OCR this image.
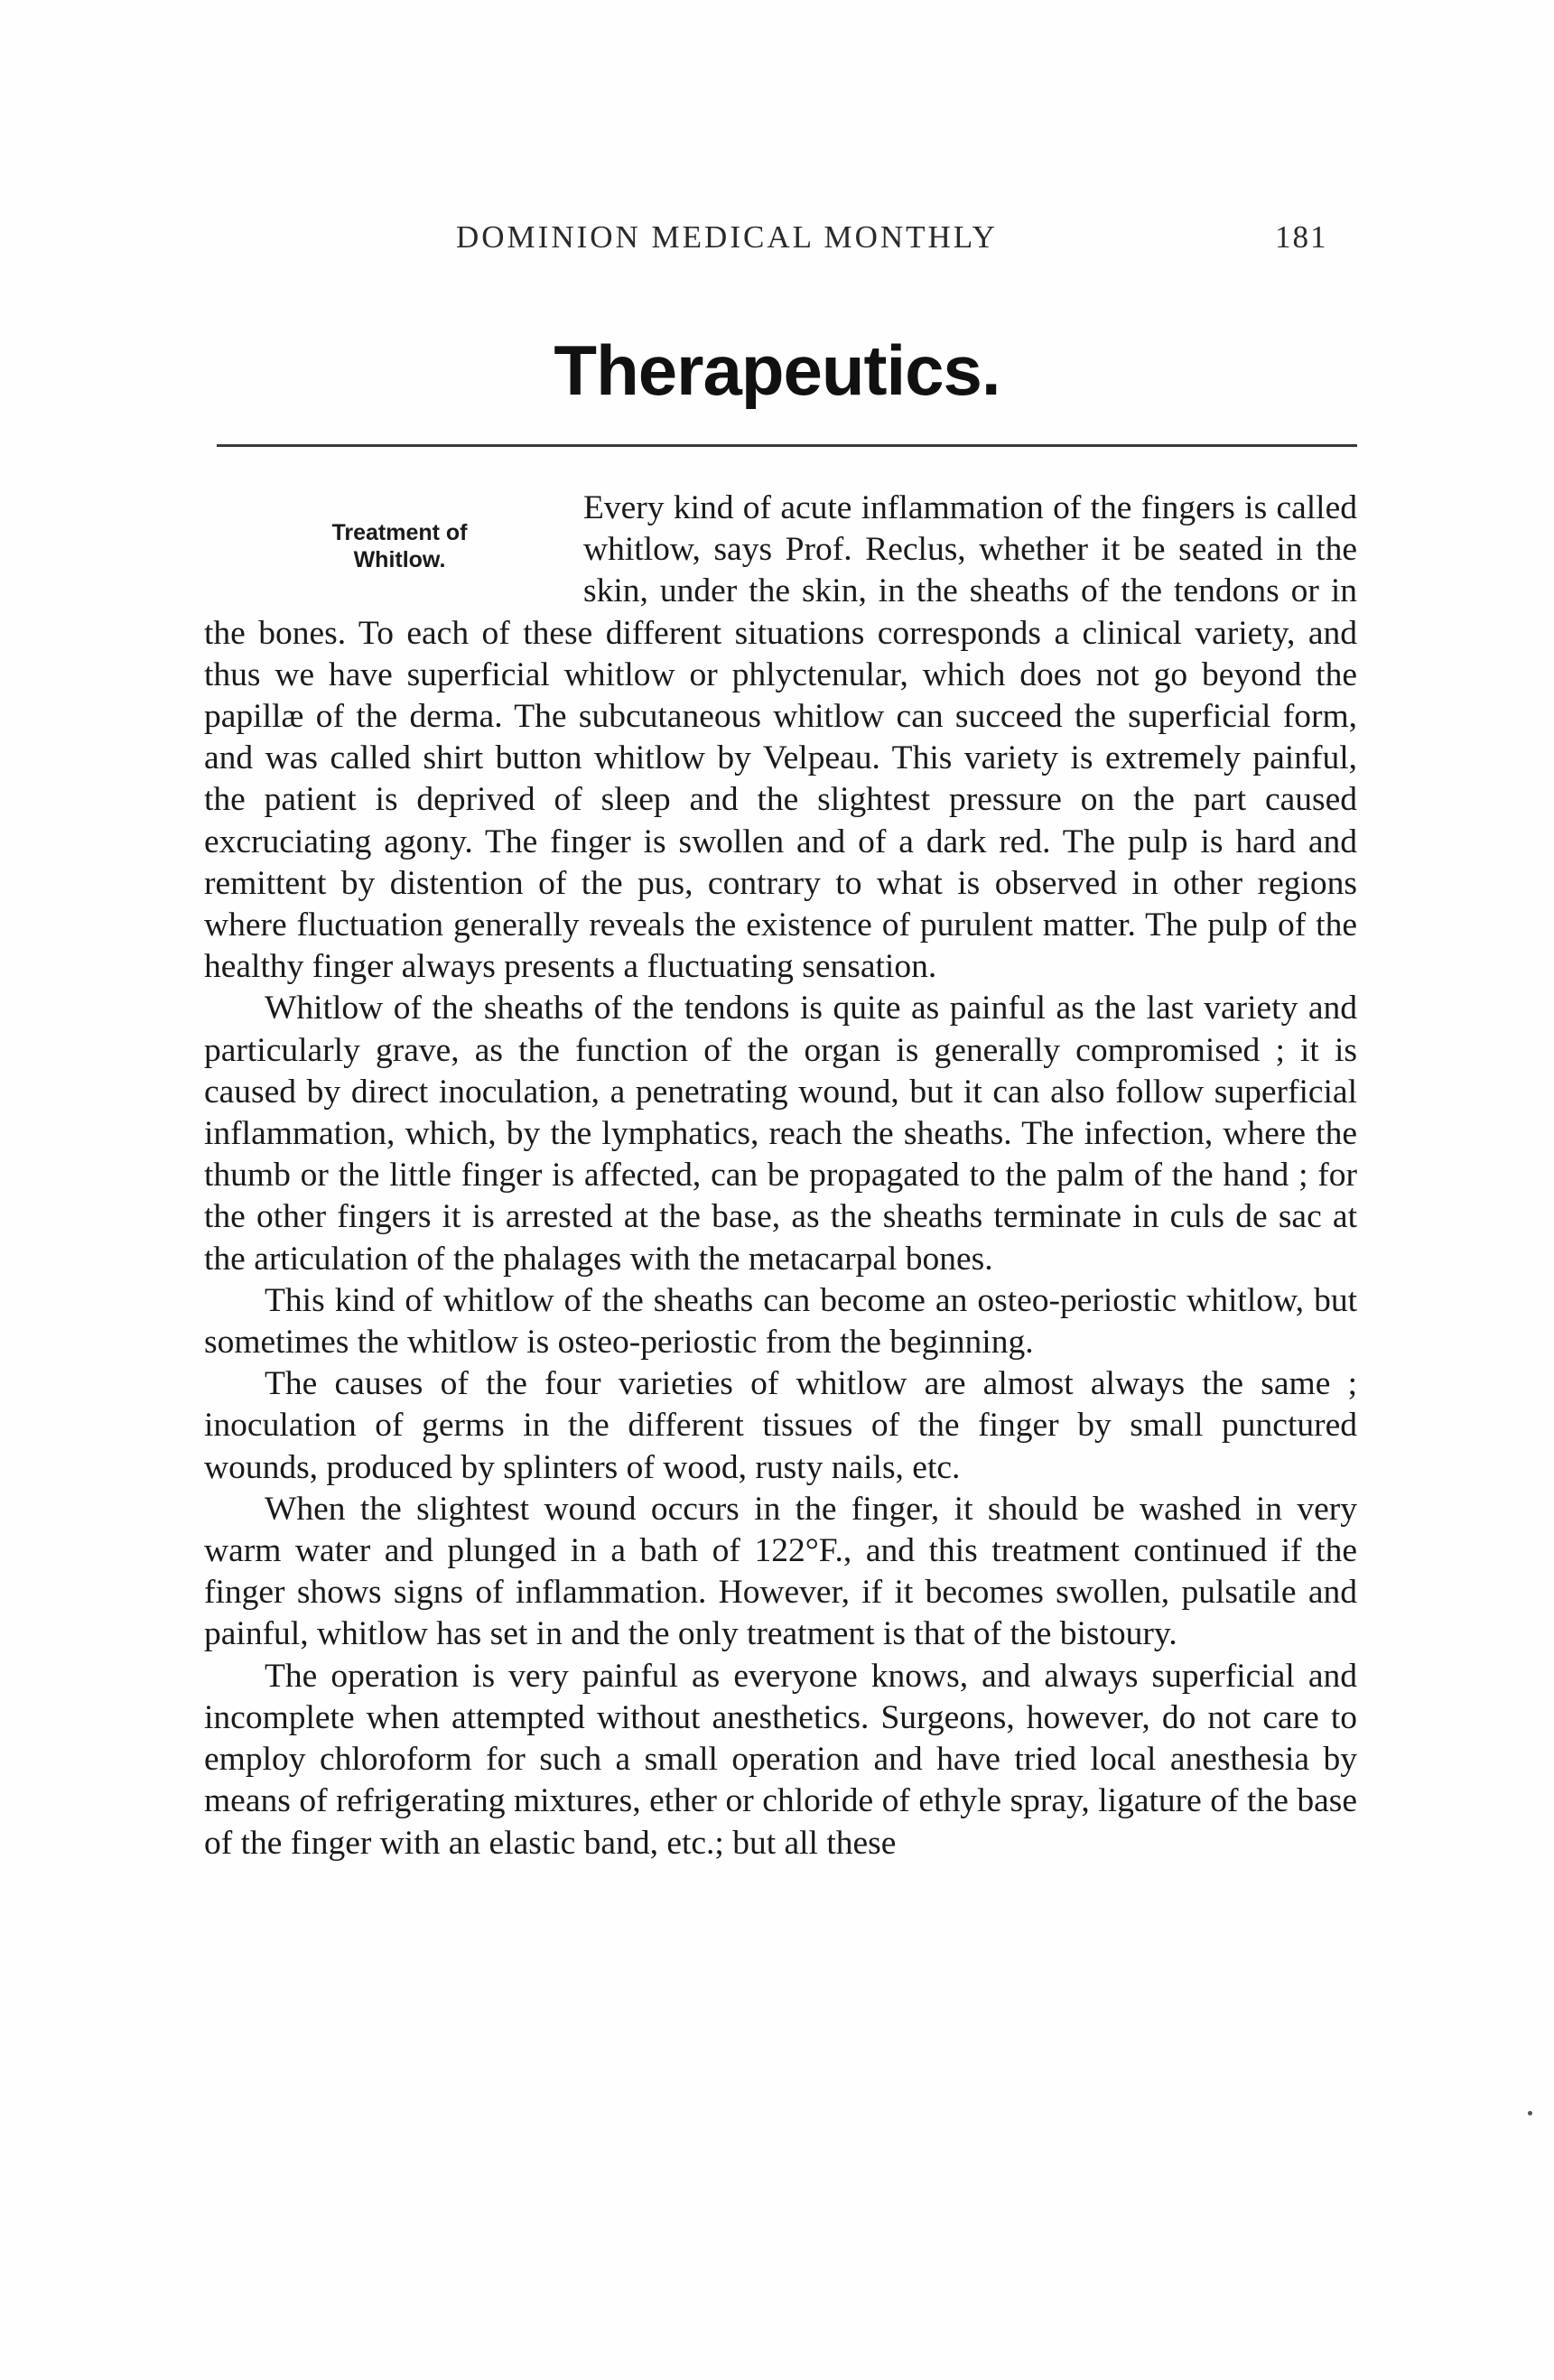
DOMINION MEDICAL MONTHLY	181
Therapeutics.
Treatment of
Whitlow.

Every kind of acute inflammation of the fingers is called whitlow, says Prof. Reclus, whether it be seated in the skin, under the skin, in the sheaths of the tendons or in the bones. To each of these different situations corresponds a clinical variety, and thus we have superficial whitlow or phlyctenular, which does not go beyond the papillæ of the derma. The subcutaneous whitlow can succeed the superficial form, and was called shirt button whitlow by Velpeau. This variety is extremely painful, the patient is deprived of sleep and the slightest pressure on the part caused excruciating agony. The finger is swollen and of a dark red. The pulp is hard and remittent by distention of the pus, contrary to what is observed in other regions where fluctuation generally reveals the existence of purulent matter. The pulp of the healthy finger always presents a fluctuating sensation.

Whitlow of the sheaths of the tendons is quite as painful as the last variety and particularly grave, as the function of the organ is generally compromised ; it is caused by direct inoculation, a penetrating wound, but it can also follow superficial inflammation, which, by the lymphatics, reach the sheaths. The infection, where the thumb or the little finger is affected, can be propagated to the palm of the hand ; for the other fingers it is arrested at the base, as the sheaths terminate in culs de sac at the articulation of the phalages with the metacarpal bones.

This kind of whitlow of the sheaths can become an osteo-periostic whitlow, but sometimes the whitlow is osteo-periostic from the beginning.

The causes of the four varieties of whitlow are almost always the same ; inoculation of germs in the different tissues of the finger by small punctured wounds, produced by splinters of wood, rusty nails, etc.

When the slightest wound occurs in the finger, it should be washed in very warm water and plunged in a bath of 122°F., and this treatment continued if the finger shows signs of inflammation. However, if it becomes swollen, pulsatile and painful, whitlow has set in and the only treatment is that of the bistoury.

The operation is very painful as everyone knows, and always superficial and incomplete when attempted without anesthetics. Surgeons, however, do not care to employ chloroform for such a small operation and have tried local anesthesia by means of refrigerating mixtures, ether or chloride of ethyle spray, ligature of the base of the finger with an elastic band, etc.; but all these
